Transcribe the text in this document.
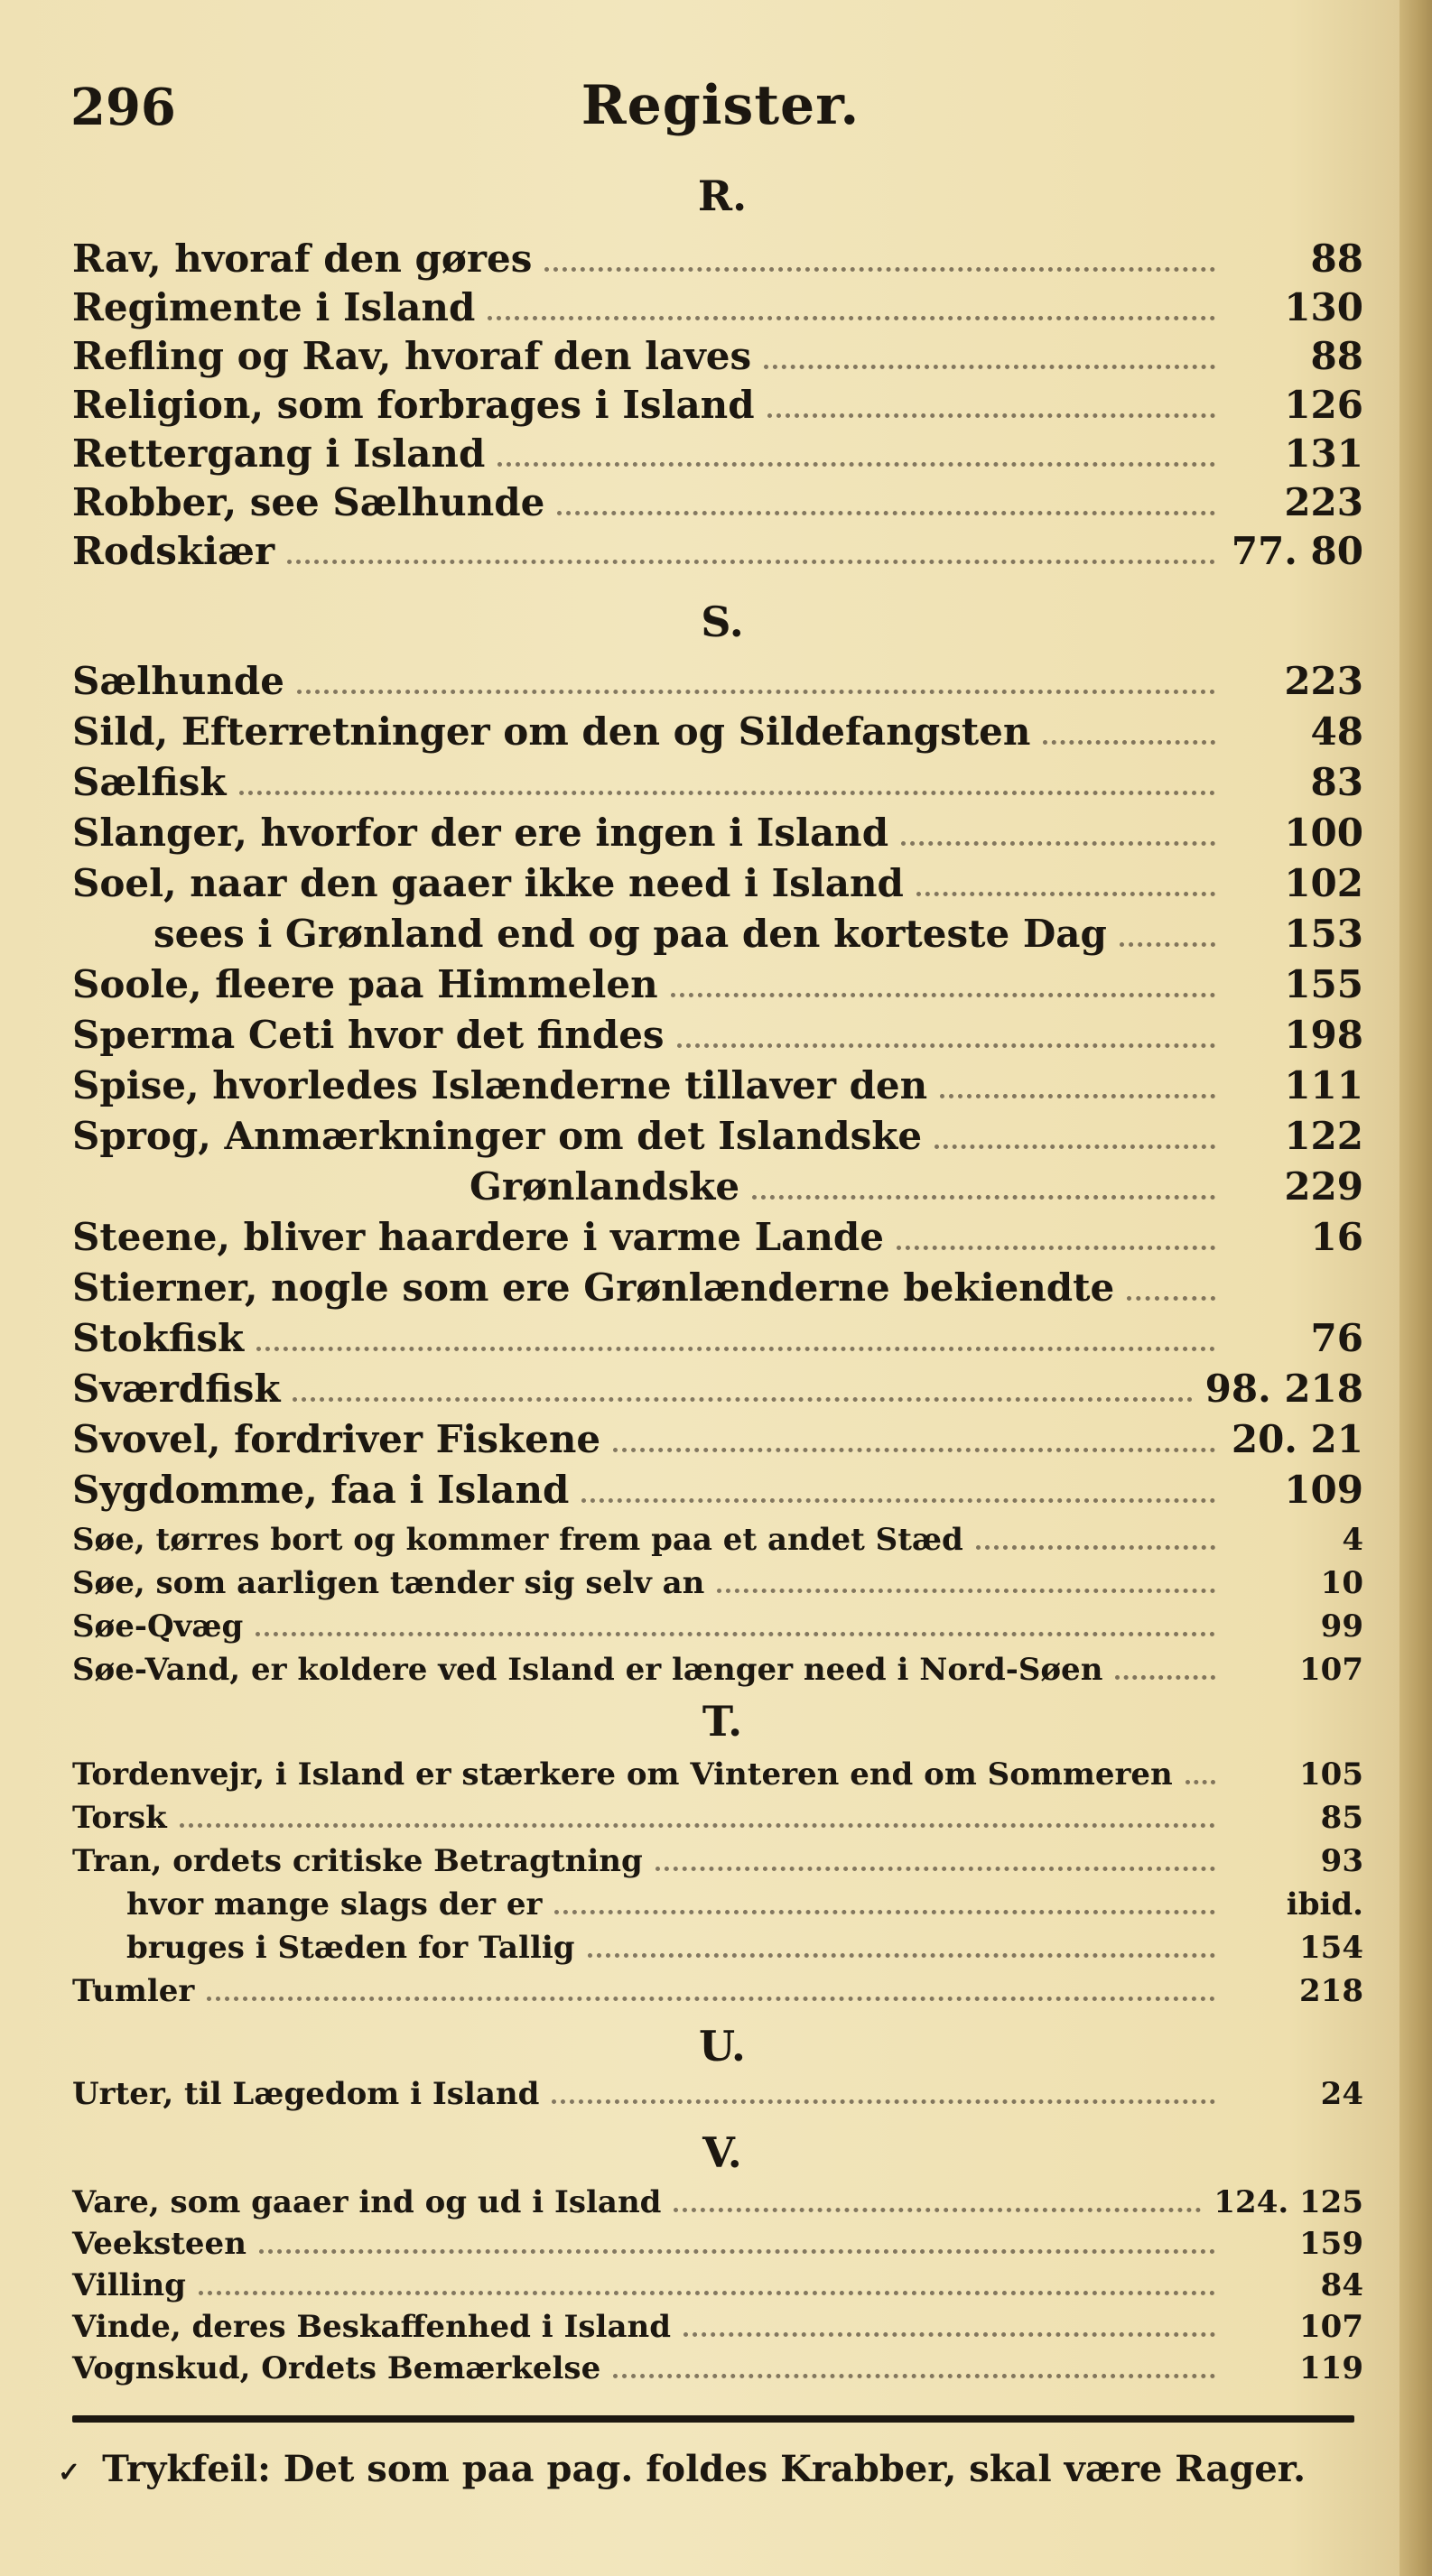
296	Register.
R.
Rav, hvoraf den gøres	88
Regimente i Island	130
Refling og Rav, hvoraf den laves	88
Religion, som forbrages i Island	126
Rettergang i Island	131
Robber, see Sælhunde	223
Rodskiær	77. 80
S.
Sælhunde	223
Sild, Efterretninger om den og Sildefangsten	48
Sælfisk	83
Slanger, hvorfor der ere ingen i Island	100
Soel, naar den gaaer ikke need i Island	102
sees i Grønland end og paa den korteste Dag	153
Soole, fleere paa Himmelen	155
Sperma Ceti hvor det findes	198
Spise, hvorledes Islænderne tillaver den	111
Sprog, Anmærkninger om det Islandske	122
Grønlandske	229
Steene, bliver haardere i varme Lande	16
Stierner, nogle som ere Grønlænderne bekiendte
Stokfisk	76
Sværdfisk	98. 218
Svovel, fordriver Fiskene	20. 21
Sygdomme, faa i Island	109
Søe, tørres bort og kommer frem paa et andet Stæd	4
Søe, som aarligen tænder sig selv an	10
Søe-Qvæg	99
Søe-Vand, er koldere ved Island er længer need i Nord-Søen	107
T.
Tordenvejr, i Island er stærkere om Vinteren end om Sommeren	105
Torsk	85
Tran, ordets critiske Betragtning	93
hvor mange slags der er	ibid.
bruges i Stæden for Tallig	154
Tumler	218
U.
Urter, til Lægedom i Island	24
V.
Vare, som gaaer ind og ud i Island	124. 125
Veeksteen	159
Villing	84
Vinde, deres Beskaffenhed i Island	107
Vognskud, Ordets Bemærkelse	119
✓ Trykfeil: Det som paa pag. foldes Krabber, skal være Rager.
